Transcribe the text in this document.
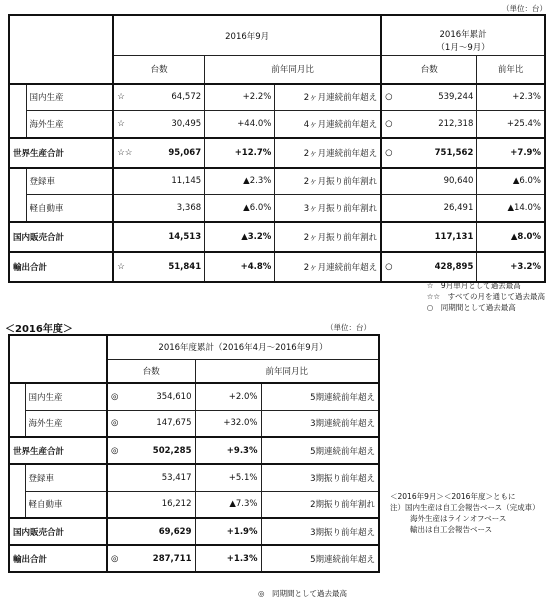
（単位：台）
		2016年9月			2016年累計
（1月〜9月）	

		台数	前年同月比		台数	前年比
	国内生産	☆ 64,572	+2.2%	2ヶ月連続前年超え	○ 539,244	+2.3%
	海外生産	☆ 30,495	+44.0%	4ヶ月連続前年超え	○ 212,318	+25.4%
世界生産合計		☆☆ 95,067	+12.7%	2ヶ月連続前年超え	○ 751,562	+7.9%
	登録車	11,145	▲2.3%	2ヶ月振り前年割れ	90,640	▲6.0%
	軽自動車	3,368	▲6.0%	3ヶ月振り前年割れ	26,491	▲14.0%
国内販売合計		14,513	▲3.2%	2ヶ月振り前年割れ	117,131	▲8.0%
輸出合計		☆ 51,841	+4.8%	2ヶ月連続前年超え	○ 428,895	+3.2%
☆　9月単月として過去最高
☆☆　すべての月を通じて過去最高
○　同期間として過去最高
＜2016年度＞	（単位：台）
		2016年度累計（2016年4月〜2016年9月）		
		台数	前年同月比	
	国内生産	◎ 354,610	+2.0%	5期連続前年超え
	海外生産	◎ 147,675	+32.0%	3期連続前年超え
世界生産合計		◎ 502,285	+9.3%	5期連続前年超え
	登録車	53,417	+5.1%	3期振り前年超え
	軽自動車	16,212	▲7.3%	2期振り前年割れ
国内販売合計		69,629	+1.9%	3期振り前年超え
輸出合計		◎ 287,711	+1.3%	5期連続前年超え
◎　同期間として過去最高
＜2016年9月＞＜2016年度＞ともに
注）国内生産は自工会報告ベース（完成車）
海外生産はラインオフベース
輸出は自工会報告ベース
